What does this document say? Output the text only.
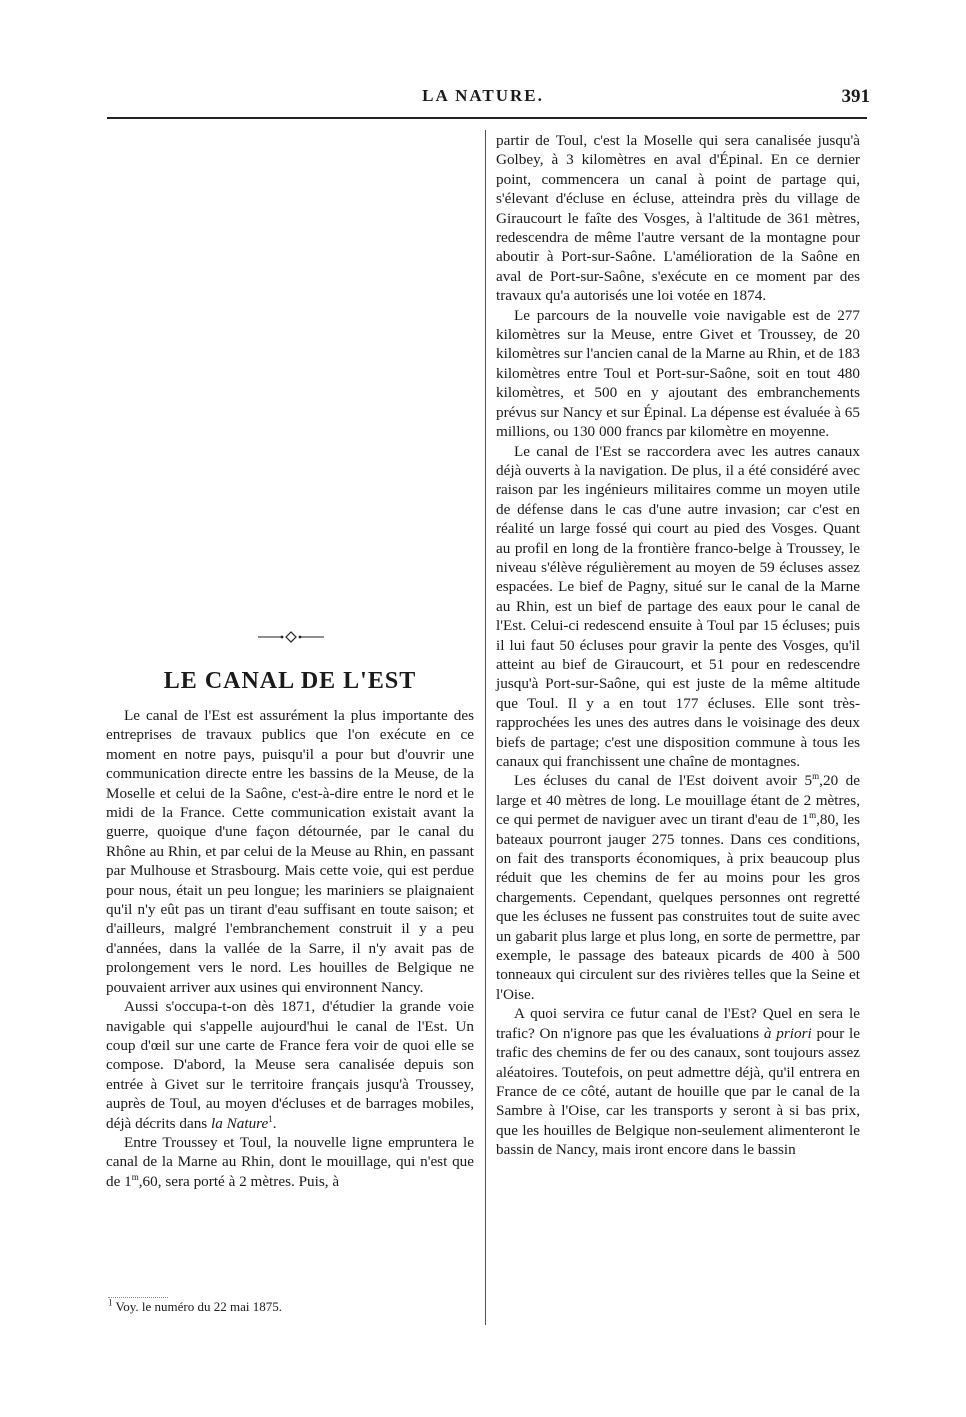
LA NATURE.	391
LE CANAL DE L'EST

Le canal de l'Est est assurément la plus importante des entreprises de travaux publics que l'on exécute en ce moment en notre pays, puisqu'il a pour but d'ouvrir une communication directe entre les bassins de la Meuse, de la Moselle et celui de la Saône, c'est-à-dire entre le nord et le midi de la France. Cette communication existait avant la guerre, quoique d'une façon détournée, par le canal du Rhône au Rhin, et par celui de la Meuse au Rhin, en passant par Mulhouse et Strasbourg. Mais cette voie, qui est perdue pour nous, était un peu longue; les mariniers se plaignaient qu'il n'y eût pas un tirant d'eau suffisant en toute saison; et d'ailleurs, malgré l'embranchement construit il y a peu d'années, dans la vallée de la Sarre, il n'y avait pas de prolongement vers le nord. Les houilles de Belgique ne pouvaient arriver aux usines qui environnent Nancy.

Aussi s'occupa-t-on dès 1871, d'étudier la grande voie navigable qui s'appelle aujourd'hui le canal de l'Est. Un coup d'œil sur une carte de France fera voir de quoi elle se compose. D'abord, la Meuse sera canalisée depuis son entrée à Givet sur le territoire français jusqu'à Troussey, auprès de Toul, au moyen d'écluses et de barrages mobiles, déjà décrits dans la Nature$^1$.

Entre Troussey et Toul, la nouvelle ligne empruntera le canal de la Marne au Rhin, dont le mouillage, qui n'est que de 1$^m$,60, sera porté à 2 mètres. Puis, à

$^1$ Voy. le numéro du 22 mai 1875.

partir de Toul, c'est la Moselle qui sera canalisée jusqu'à Golbey, à 3 kilomètres en aval d'Épinal. En ce dernier point, commencera un canal à point de partage qui, s'élevant d'écluse en écluse, atteindra près du village de Giraucourt le faîte des Vosges, à l'altitude de 361 mètres, redescendra de même l'autre versant de la montagne pour aboutir à Port-sur-Saône. L'amélioration de la Saône en aval de Port-sur-Saône, s'exécute en ce moment par des travaux qu'a autorisés une loi votée en 1874.

Le parcours de la nouvelle voie navigable est de 277 kilomètres sur la Meuse, entre Givet et Troussey, de 20 kilomètres sur l'ancien canal de la Marne au Rhin, et de 183 kilomètres entre Toul et Port-sur-Saône, soit en tout 480 kilomètres, et 500 en y ajoutant des embranchements prévus sur Nancy et sur Épinal. La dépense est évaluée à 65 millions, ou 130 000 francs par kilomètre en moyenne.

Le canal de l'Est se raccordera avec les autres canaux déjà ouverts à la navigation. De plus, il a été considéré avec raison par les ingénieurs militaires comme un moyen utile de défense dans le cas d'une autre invasion; car c'est en réalité un large fossé qui court au pied des Vosges. Quant au profil en long de la frontière franco-belge à Troussey, le niveau s'élève régulièrement au moyen de 59 écluses assez espacées. Le bief de Pagny, situé sur le canal de la Marne au Rhin, est un bief de partage des eaux pour le canal de l'Est. Celui-ci redescend ensuite à Toul par 15 écluses; puis il lui faut 50 écluses pour gravir la pente des Vosges, qu'il atteint au bief de Giraucourt, et 51 pour en redescendre jusqu'à Port-sur-Saône, qui est juste de la même altitude que Toul. Il y a en tout 177 écluses. Elle sont très-rapprochées les unes des autres dans le voisinage des deux biefs de partage; c'est une disposition commune à tous les canaux qui franchissent une chaîne de montagnes.

Les écluses du canal de l'Est doivent avoir 5$^m$,20 de large et 40 mètres de long. Le mouillage étant de 2 mètres, ce qui permet de naviguer avec un tirant d'eau de 1$^m$,80, les bateaux pourront jauger 275 tonnes. Dans ces conditions, on fait des transports économiques, à prix beaucoup plus réduit que les chemins de fer au moins pour les gros chargements. Cependant, quelques personnes ont regretté que les écluses ne fussent pas construites tout de suite avec un gabarit plus large et plus long, en sorte de permettre, par exemple, le passage des bateaux picards de 400 à 500 tonneaux qui circulent sur des rivières telles que la Seine et l'Oise.

A quoi servira ce futur canal de l'Est? Quel en sera le trafic? On n'ignore pas que les évaluations à priori pour le trafic des chemins de fer ou des canaux, sont toujours assez aléatoires. Toutefois, on peut admettre déjà, qu'il entrera en France de ce côté, autant de houille que par le canal de la Sambre à l'Oise, car les transports y seront à si bas prix, que les houilles de Belgique non-seulement alimenteront le bassin de Nancy, mais iront encore dans le bassin
